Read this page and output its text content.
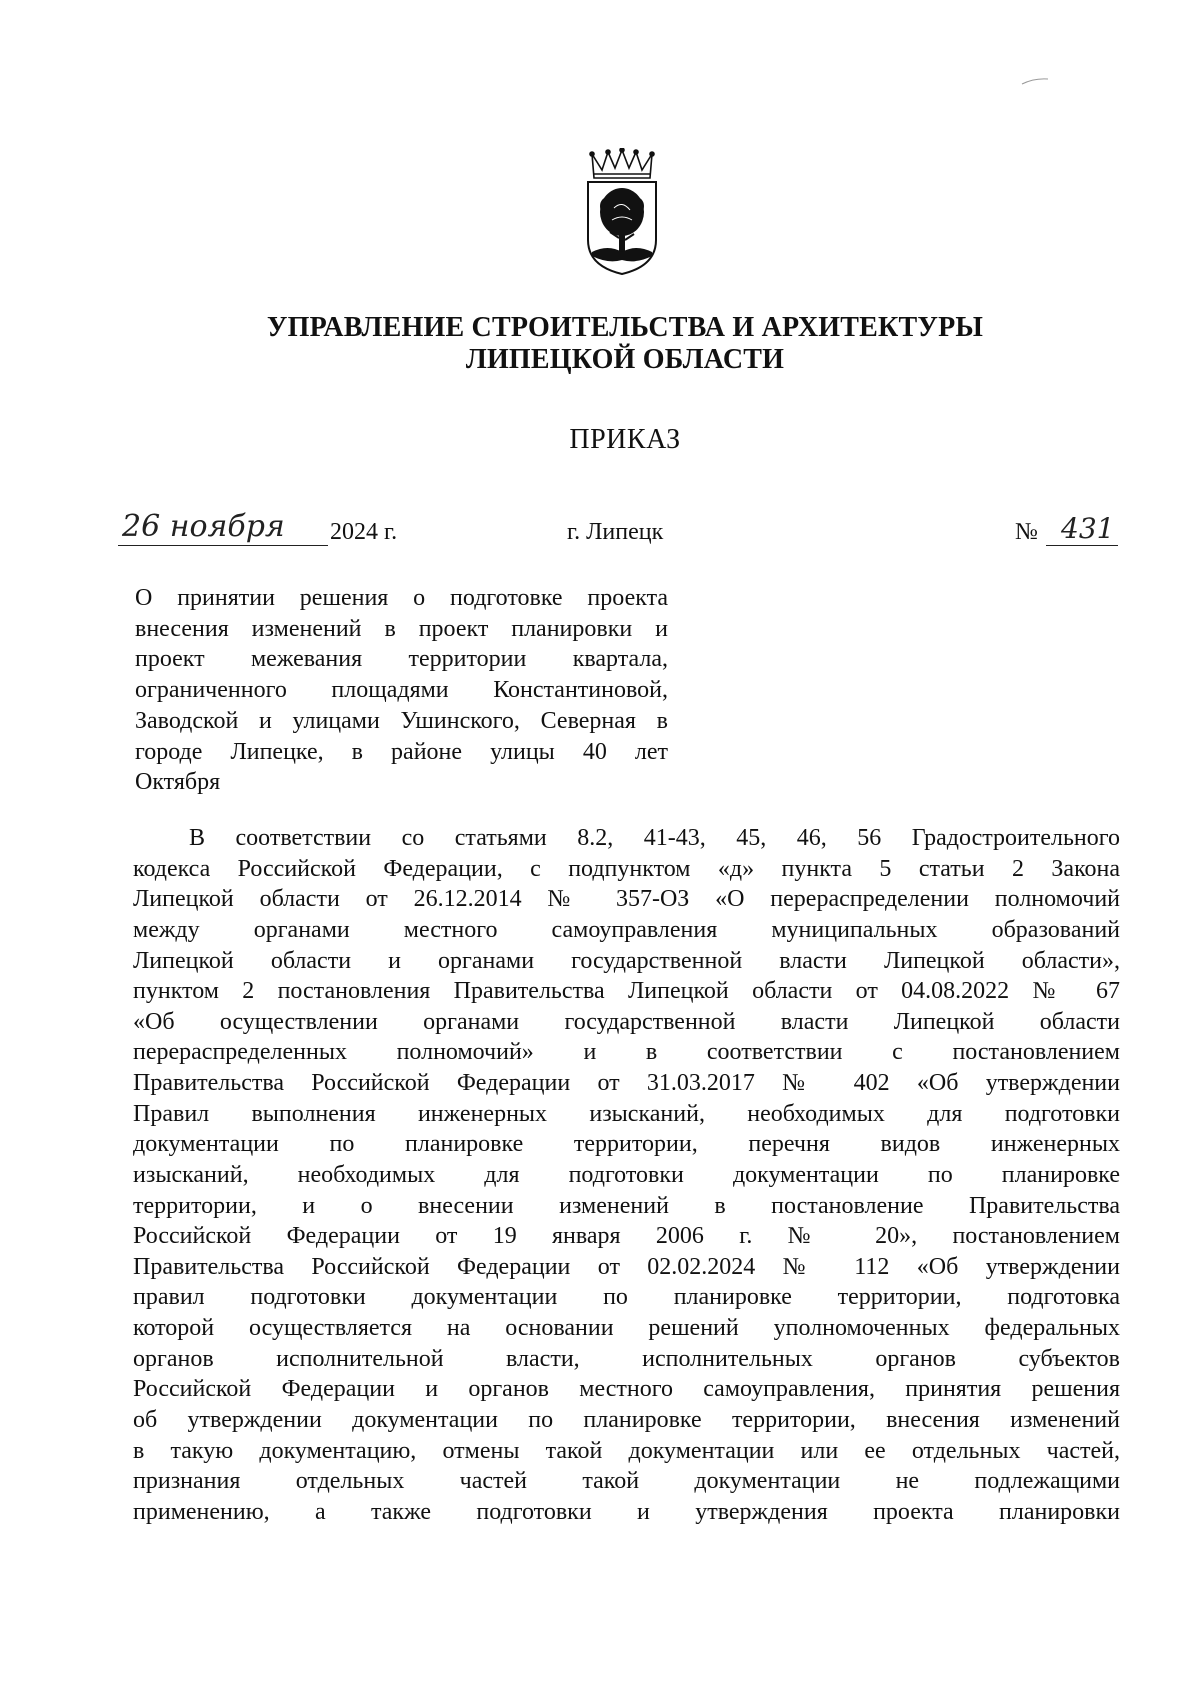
УПРАВЛЕНИЕ СТРОИТЕЛЬСТВА И АРХИТЕКТУРЫ
ЛИПЕЦКОЙ ОБЛАСТИ
ПРИКАЗ
26 ноября 2024 г.	г. Липецк	№ 431
О принятии решения о подготовке проекта
внесения изменений в проект планировки и
проект межевания территории квартала,
ограниченного площадями Константиновой,
Заводской и улицами Ушинского, Северная в
городе Липецке, в районе улицы 40 лет
Октября
В соответствии со статьями 8.2, 41-43, 45, 46, 56 Градостроительного
кодекса Российской Федерации, с подпунктом «д» пункта 5 статьи 2 Закона
Липецкой области от 26.12.2014 № 357-ОЗ «О перераспределении полномочий
между органами местного самоуправления муниципальных образований
Липецкой области и органами государственной власти Липецкой области»,
пунктом 2 постановления Правительства Липецкой области от 04.08.2022 № 67
«Об осуществлении органами государственной власти Липецкой области
перераспределенных полномочий» и в соответствии с постановлением
Правительства Российской Федерации от 31.03.2017 № 402 «Об утверждении
Правил выполнения инженерных изысканий, необходимых для подготовки
документации по планировке территории, перечня видов инженерных
изысканий, необходимых для подготовки документации по планировке
территории, и о внесении изменений в постановление Правительства
Российской Федерации от 19 января 2006 г. № 20», постановлением
Правительства Российской Федерации от 02.02.2024 № 112 «Об утверждении
правил подготовки документации по планировке территории, подготовка
которой осуществляется на основании решений уполномоченных федеральных
органов исполнительной власти, исполнительных органов субъектов
Российской Федерации и органов местного самоуправления, принятия решения
об утверждении документации по планировке территории, внесения изменений
в такую документацию, отмены такой документации или ее отдельных частей,
признания отдельных частей такой документации не подлежащими
применению, а также подготовки и утверждения проекта планировки
